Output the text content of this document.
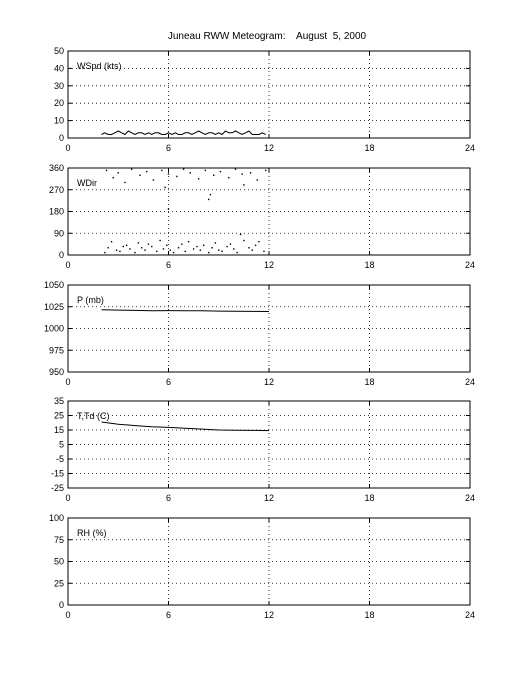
Juneau RWW Meteogram:    August  5, 2000
0
10
20
30
40
50
0	6	12	18	24
WSpd (kts)
0
90
180
270
360
0	6	12	18	24
WDir
950
975
1000
1025
1050
0	6	12	18	24
P (mb)
-25
-15
-5
5
15
25
35
0	6	12	18	24
T,Td (C)
0
25
50
75
100
0	6	12	18	24
RH (%)
